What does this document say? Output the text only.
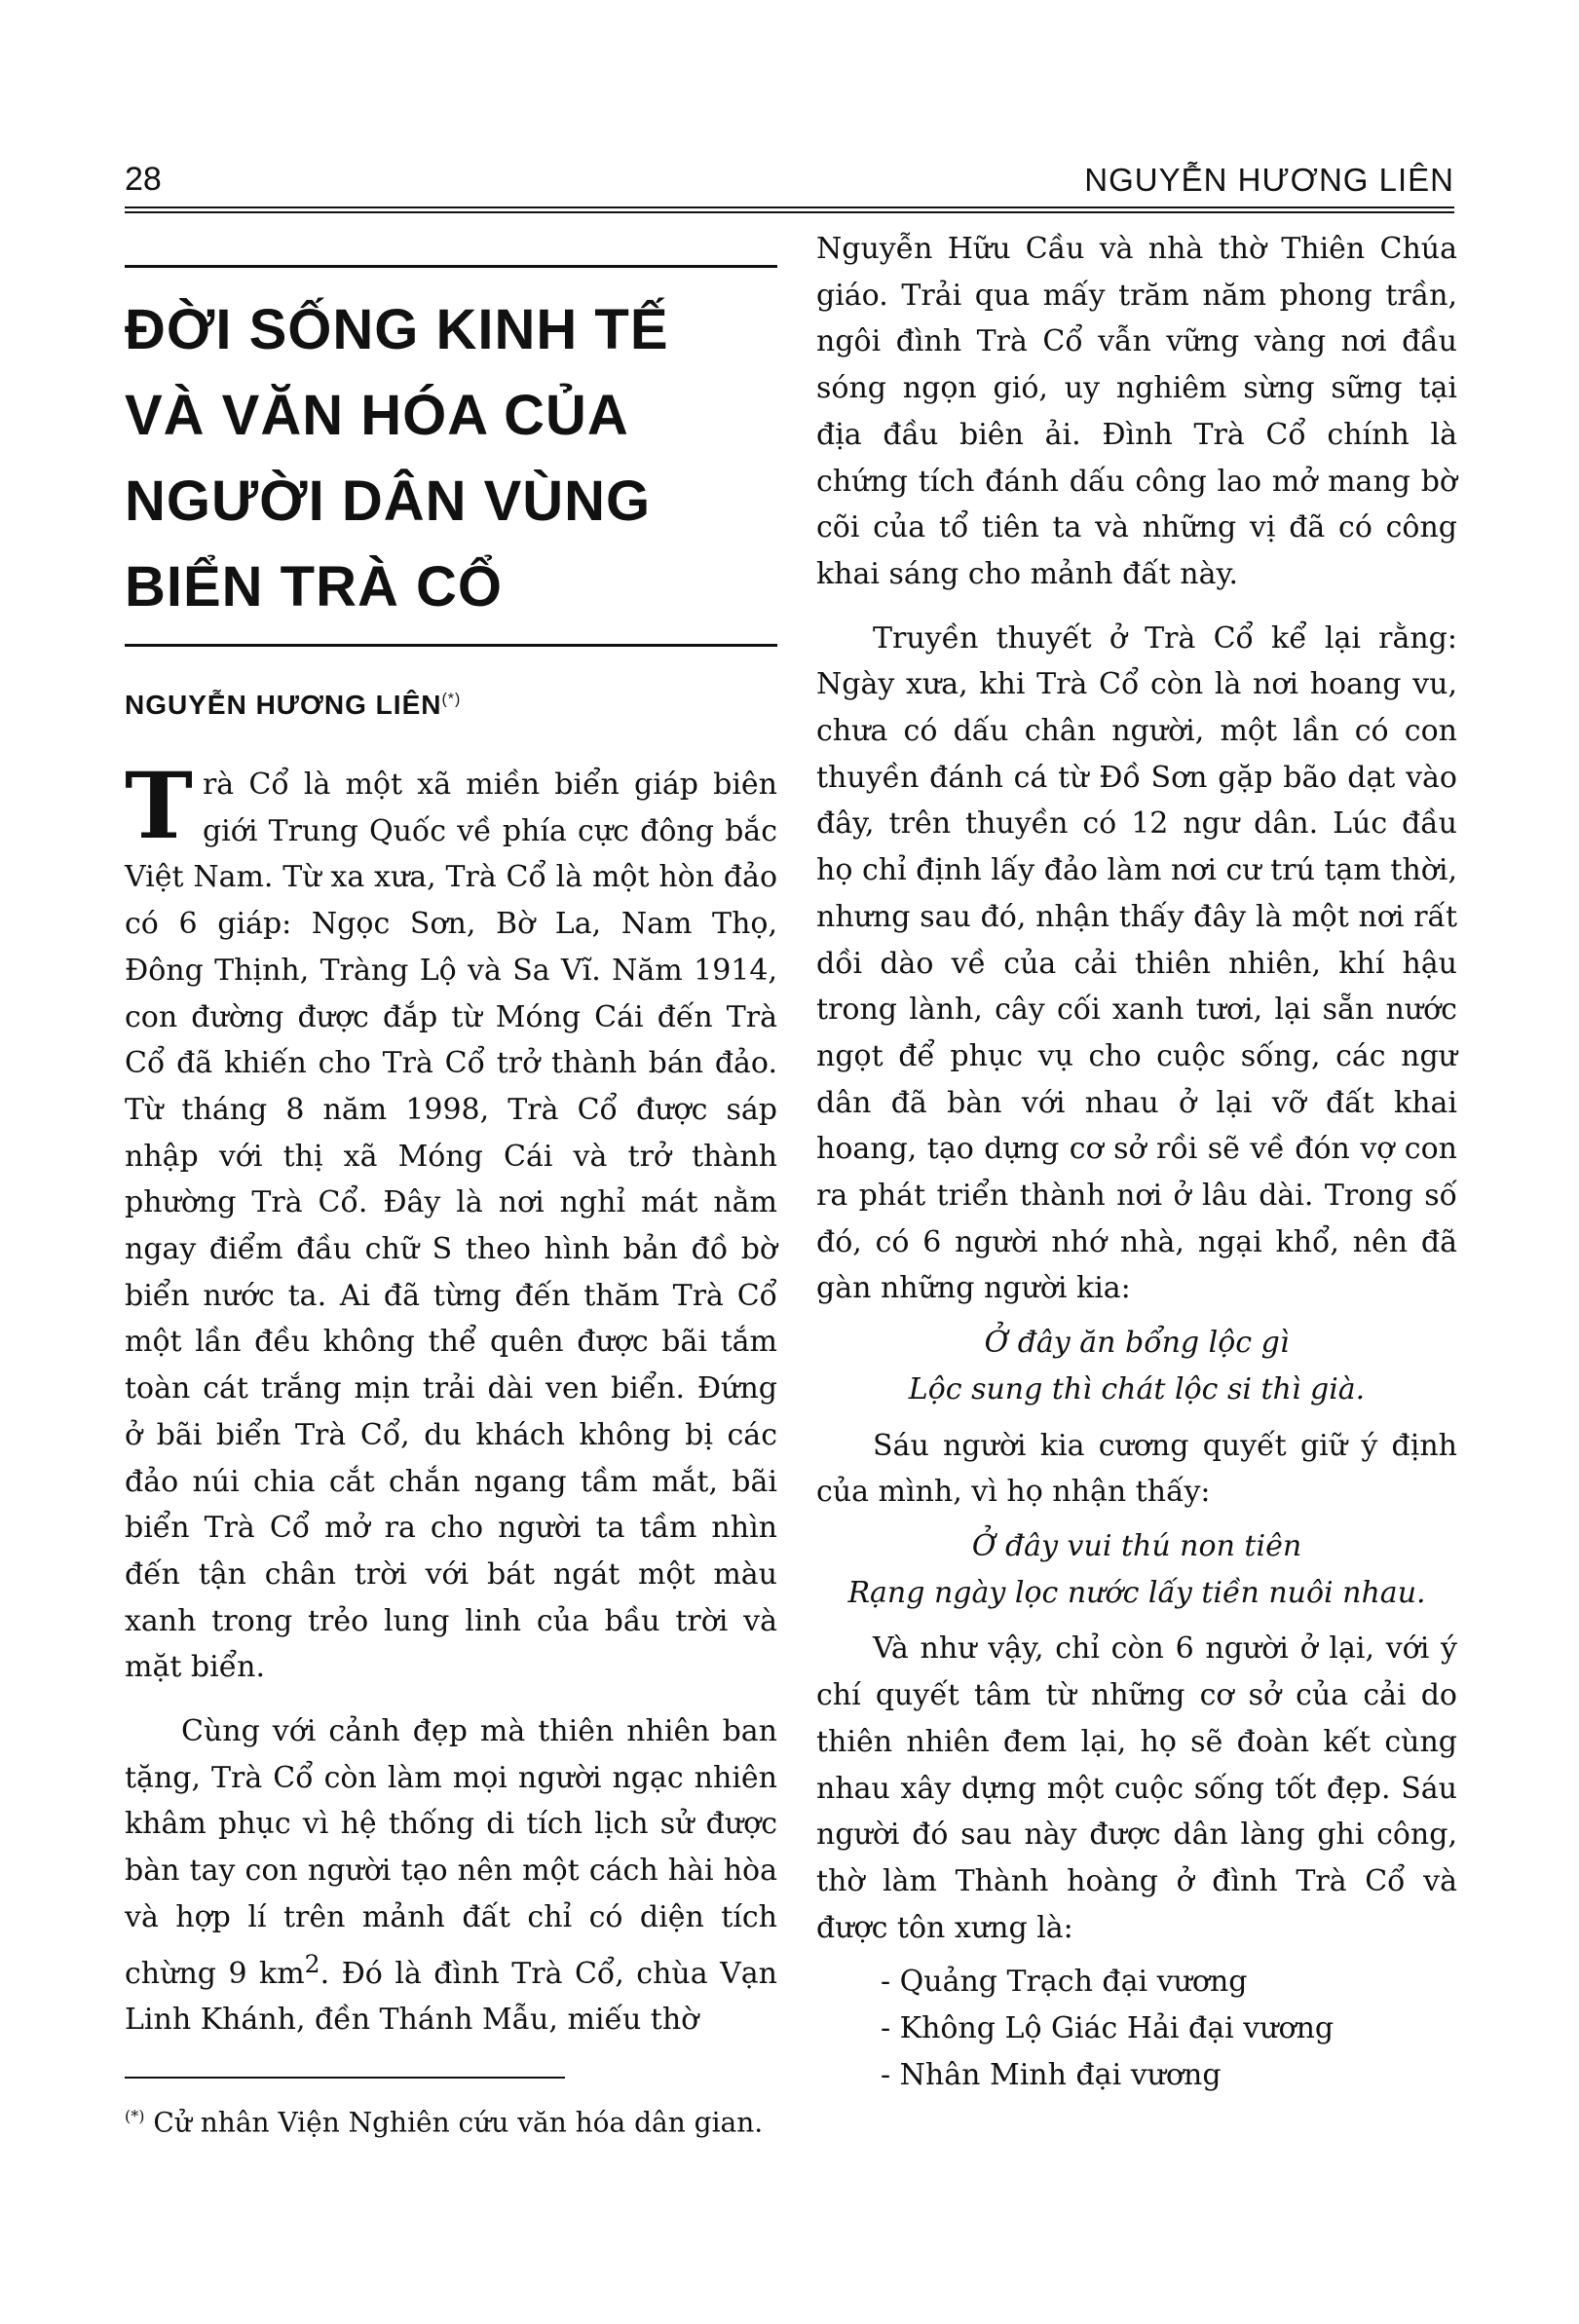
28	NGUYỄN HƯƠNG LIÊN
ĐỜI SỐNG KINH TẾ
VÀ VĂN HÓA CỦA
NGƯỜI DÂN VÙNG
BIỂN TRÀ CỔ
NGUYỄN HƯƠNG LIÊN(*)

Trà Cổ là một xã miền biển giáp biên giới Trung Quốc về phía cực đông bắc Việt Nam. Từ xa xưa, Trà Cổ là một hòn đảo có 6 giáp: Ngọc Sơn, Bờ La, Nam Thọ, Đông Thịnh, Tràng Lộ và Sa Vĩ. Năm 1914, con đường được đắp từ Móng Cái đến Trà Cổ đã khiến cho Trà Cổ trở thành bán đảo. Từ tháng 8 năm 1998, Trà Cổ được sáp nhập với thị xã Móng Cái và trở thành phường Trà Cổ. Đây là nơi nghỉ mát nằm ngay điểm đầu chữ S theo hình bản đồ bờ biển nước ta. Ai đã từng đến thăm Trà Cổ một lần đều không thể quên được bãi tắm toàn cát trắng mịn trải dài ven biển. Đứng ở bãi biển Trà Cổ, du khách không bị các đảo núi chia cắt chắn ngang tầm mắt, bãi biển Trà Cổ mở ra cho người ta tầm nhìn đến tận chân trời với bát ngát một màu xanh trong trẻo lung linh của bầu trời và mặt biển.

Cùng với cảnh đẹp mà thiên nhiên ban tặng, Trà Cổ còn làm mọi người ngạc nhiên khâm phục vì hệ thống di tích lịch sử được bàn tay con người tạo nên một cách hài hòa và hợp lí trên mảnh đất chỉ có diện tích chừng 9 $km^2$. Đó là đình Trà Cổ, chùa Vạn Linh Khánh, đền Thánh Mẫu, miếu thờ

(*) Cử nhân Viện Nghiên cứu văn hóa dân gian.

Nguyễn Hữu Cầu và nhà thờ Thiên Chúa giáo. Trải qua mấy trăm năm phong trần, ngôi đình Trà Cổ vẫn vững vàng nơi đầu sóng ngọn gió, uy nghiêm sừng sững tại địa đầu biên ải. Đình Trà Cổ chính là chứng tích đánh dấu công lao mở mang bờ cõi của tổ tiên ta và những vị đã có công khai sáng cho mảnh đất này.

Truyền thuyết ở Trà Cổ kể lại rằng: Ngày xưa, khi Trà Cổ còn là nơi hoang vu, chưa có dấu chân người, một lần có con thuyền đánh cá từ Đồ Sơn gặp bão dạt vào đây, trên thuyền có 12 ngư dân. Lúc đầu họ chỉ định lấy đảo làm nơi cư trú tạm thời, nhưng sau đó, nhận thấy đây là một nơi rất dồi dào về của cải thiên nhiên, khí hậu trong lành, cây cối xanh tươi, lại sẵn nước ngọt để phục vụ cho cuộc sống, các ngư dân đã bàn với nhau ở lại vỡ đất khai hoang, tạo dựng cơ sở rồi sẽ về đón vợ con ra phát triển thành nơi ở lâu dài. Trong số đó, có 6 người nhớ nhà, ngại khổ, nên đã gàn những người kia:

Ở đây ăn bổng lộc gì
Lộc sung thì chát lộc si thì già.

Sáu người kia cương quyết giữ ý định của mình, vì họ nhận thấy:

Ở đây vui thú non tiên
Rạng ngày lọc nước lấy tiền nuôi nhau.

Và như vậy, chỉ còn 6 người ở lại, với ý chí quyết tâm từ những cơ sở của cải do thiên nhiên đem lại, họ sẽ đoàn kết cùng nhau xây dựng một cuộc sống tốt đẹp. Sáu người đó sau này được dân làng ghi công, thờ làm Thành hoàng ở đình Trà Cổ và được tôn xưng là:

- Quảng Trạch đại vương
- Không Lộ Giác Hải đại vương
- Nhân Minh đại vương
